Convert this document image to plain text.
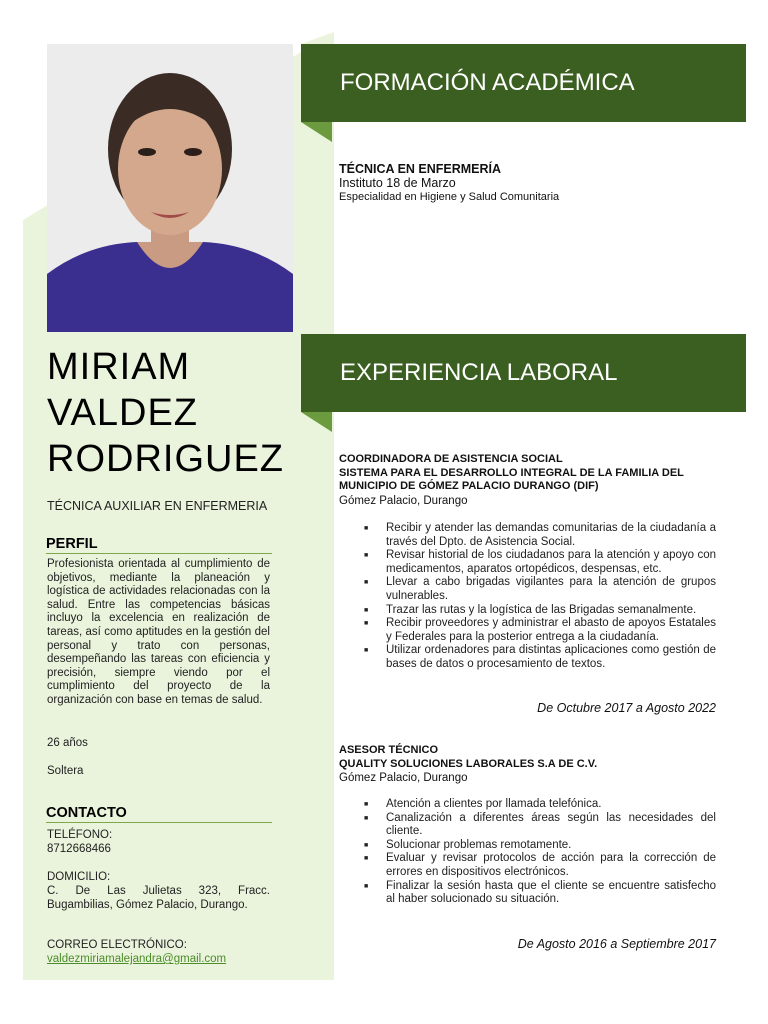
MIRIAM
VALDEZ
RODRIGUEZ
TÉCNICA AUXILIAR EN ENFERMERIA
PERFIL
Profesionista orientada al cumplimiento de objetivos, mediante la planeación y logística de actividades relacionadas con la salud. Entre las competencias básicas incluyo la excelencia en realización de tareas, así como aptitudes en la gestión del personal y trato con personas, desempeñando las tareas con eficiencia y precisión, siempre viendo por el cumplimiento del proyecto de la organización con base en temas de salud.
26 años
Soltera
CONTACTO
TELÉFONO:
8712668466
DOMICILIO:
C. De Las Julietas 323, Fracc. Bugambilias, Gómez Palacio, Durango.
CORREO ELECTRÓNICO:
valdezmiriamalejandra@gmail.com
FORMACIÓN ACADÉMICA
TÉCNICA EN ENFERMERÍA
Instituto 18 de Marzo
Especialidad en Higiene y Salud Comunitaria
EXPERIENCIA LABORAL
COORDINADORA DE ASISTENCIA SOCIAL
SISTEMA PARA EL DESARROLLO INTEGRAL DE LA FAMILIA DEL
MUNICIPIO DE GÓMEZ PALACIO DURANGO (DIF)
Gómez Palacio, Durango
■ Recibir y atender las demandas comunitarias de la ciudadanía a través del Dpto. de Asistencia Social.
■ Revisar historial de los ciudadanos para la atención y apoyo con medicamentos, aparatos ortopédicos, despensas, etc.
■ Llevar a cabo brigadas vigilantes para la atención de grupos vulnerables.
■ Trazar las rutas y la logística de las Brigadas semanalmente.
■ Recibir proveedores y administrar el abasto de apoyos Estatales y Federales para la posterior entrega a la ciudadanía.
■ Utilizar ordenadores para distintas aplicaciones como gestión de bases de datos o procesamiento de textos.
De Octubre 2017 a Agosto 2022
ASESOR TÉCNICO
QUALITY SOLUCIONES LABORALES S.A DE C.V.
Gómez Palacio, Durango
■ Atención a clientes por llamada telefónica.
■ Canalización a diferentes áreas según las necesidades del cliente.
■ Solucionar problemas remotamente.
■ Evaluar y revisar protocolos de acción para la corrección de errores en dispositivos electrónicos.
■ Finalizar la sesión hasta que el cliente se encuentre satisfecho al haber solucionado su situación.
De Agosto 2016 a Septiembre 2017
